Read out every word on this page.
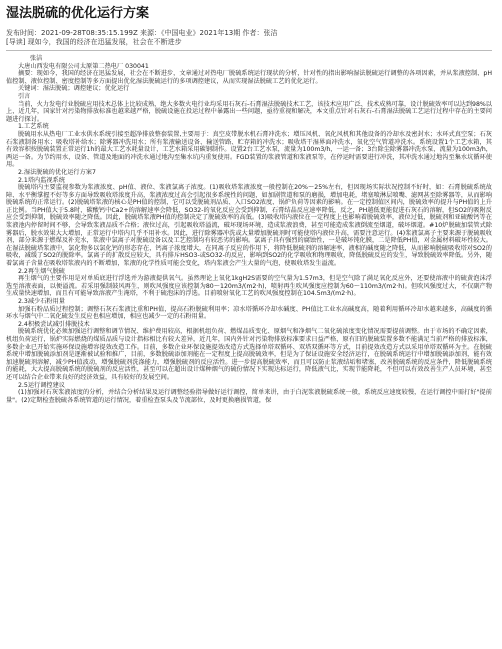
湿法脱硫的优化运行方案
发布时间：2021-09-28T08:35:15.199Z 来源：《中国电业》2021年13期 作者：张洁
[导读] 现如今，我国的经济在迅猛发展，社会在不断进步

张洁

大唐山西发电有限公司太原第二热电厂 030041

摘要：现如今，我国的经济在迅猛发展，社会在不断进步，文章通过对热电厂脱硫系统运行现状的分析，针对性的指出影响湿法脱硫运行调整的各项因素，并从浆液控制、pH值控制、液位控制、密度控制等多方面提出优化湿法脱硫运行的多项调控建议，从而实现湿法脱硫工艺的优化运行。

关键词：湿法脱硫；调控建议；优化运行

引言

当前，火力发电行业脱硫应用技术总体上比较成熟，绝大多数火电行业均采用石灰石-石膏湿法脱硫技术工艺，该技术应用广泛、技术成熟可靠，设计脱硫效率可以达到98%以上，近几年，国家针对污染物排放标准也越来越严格，脱硫设施在投运过程中暴露出一些问题，亟待重视和解决，本文重点针对石灰石-石膏湿法脱硫工艺运行过程中存在的主要问题进行探讨。

1.工艺系统

脱硫用水从热电厂工业水供水系统引接至超净排放整套装置,主要用于：真空皮带脱水机石膏冲洗水；增压风机、氧化风机和其他设备的冷却水及密封水；水环式真空泵；石灰石浆液制备用水；吸收塔补给水；除雾器冲洗用水；所有浆液输送设备、输送管路、贮存箱的冲洗水；吸收塔干湿界面冲洗水，氧化空气管道冲洗水。系统设置1个工艺水箱，其有效容积按脱硫装置正常运行1h的最大工艺水耗量设计，工艺水箱采用碳钢制作。设置2台工艺水泵，流量为100m3/h，一运一备；3台除尘除雾器冲洗水泵，流量为100m3/h，两运一备。为节约用水，设备、管道及地面的冲洗水通过地沟至集水坑内重复使用。FGD装置的浆液管道和浆液泵等，在停运时需要进行冲洗，其冲洗水通过地沟至集水坑循环使用。

2.湿法脱硫的优化运行方案7

2.1塔内监视系统

脱硫塔内主要监视参数为浆液浓度、pH值、液位、浆液氯离子浓度。(1)吸收塔浆液浓度一般控制在20%～25%左右，但因现场实际状况控制不好时，如：石膏脱硫系统故障、水平衡掌握不好等多方面导致吸收塔浓度升高，浆液浓度过高会引起很多系统性的问题，如加剧管道和泵的磨损，增加电耗，堵塞喷淋层喷嘴、滤网甚至除雾器等，从而影响脱硫系统的正常运行。(2)脱硫塔浆液的核心是PH值的控制，它可以受脱硫剂品质、入口SO2浓度、锅炉负荷等因素的影响。在一定控制值区间内，脱硫效率的提升与PH值的上升正比例。当PH值大于5.8时，碳酸钙中Ca2+的溶解速率会降低，SO32-的氧化反应会受到抑制，石膏结晶反应速率降低，反之，PH越低更能促进石灰石的溶解，但SO2的吸附反应会受到抑制，脱硫效率随之降低。因此，脱硫塔浆液PH值的控制决定了脱硫效率的高低。(3)吸收塔内液位在一定程度上也影响着脱硫效率，液位过低，脱硫剂和亚硫酸钙等在浆液池内停留时间不够，会导致浆液品质不合格；液位过高，引起吸收塔溢流，破坏现场环境，造成浆液浪费，甚至可能造成浆液倒流至烟道，破坏烟道。#10炉脱硫加装管式除雾器后，脱水效果大大增加，正常运行中塔内几乎不用补水。因此，进行除雾器冲洗或大量增加脱硫剂时可能使塔内液位升高，需要注意运行。(4)浆液氯离子主要来源于脱硫吸收剂，部分来源于燃煤及补充水，浆液中氯离子对脱硫设备以及工艺控制均有较恶劣的影响。氯离子具有强烈的腐蚀性，一是破坏钝化膜，二是降低PH值，对金属材料破坏性较大。在湿法脱硫塔浆液中，氯化物多以氯化钙的形态存在，钙离子浓度增大，在同离子反应的作用下，将降低脱硫剂的溶解速率，液相的碱度随之降低，从而影响脱硫吸收塔对SO2的吸收，减缓了SO2的脱除率。氯离子的扩散反应较大，具有排斥HSO3-或SO32-的反应，影响到SO2的化学吸收和物理吸收，降低脱硫反应的发生，导致脱硫效率降低。另外，随着氯离子含量在吸收塔浆液内的不断增加，浆液的化学性质可能会变化，塔内浆液会产生大量的气泡，使吸收塔发生溢流。

2.2再生烟气脱硫

再生烟气的主要作用是对单质底进行浮选并为游液提供氧气。虽然理论上氧化1kgH2S需要的空气量为1.57m3，但是空气除了满足氧化反应外，还要使溶液中的硫黄泡沫浮选至溶液表面，以便溢流。若采用强制鼓风再生，则吹风强度应该控制为80～120m3/(m2·h)，喷射再生吹风强度应控制为60～110m3/(m2·h)。但吹风强度过大，不仅副产物生成量快速增加，而且有可能导致溶液产生淹塔，不利于硫泡沫的浮选。目前喷射氧化工艺的吹风强度控制在104.5m3/(m2·h)。

2.3减少石粉用量

加强石粉品质过程控制；调整石灰石浆液比重和PH值，提高石粉脱硫利用率；凉水塔循环冷却水碱度、PH值比工业水高碱度高，随着利用循环冷却水越来越多，高碱度的循环水与烟气中二氧化硫发生反应也相应增加，相应也减少一定的石粉用量。

2.4积极尝试减引排脱技术

脱硫系统优化必须加强运行调整和调节情况、维护费用较高，根据机组负荷、燃煤品质变化、原烟气和净烟气二氧化硫浓度变化情况需要提前调整。由于市场的不确定因素，机组负荷运行，锅炉实际燃烧的煤质品质与设计指标相比有较大差异，近几年，国内外针对污染物排放标准要求日益严格，原有旧的脱硫装置多数不能满足当前严格的排放标准，多数企业已开始实施环保设施增容提效改造工作。目前，多数企业环保设施提效改造方式选择单塔双循环、双塔双循环等方式，目前提效改造方式以采用单塔双循环为主。在脱硫系统中增加脱硫添加剂是逐渐被试验和推广，目前，多数脱硫添加剂能在一定程度上提高脱硫效率，但是为了保证设施安全经济运行，在脱硫系统运行中增加脱硫添加剂，能有效加速脱硫剂溶解，减少PH值波动，增强脱硫剂洗涤能力，增强脱硫剂的反应活性。进一步提高脱硫效率，而且可以防止浆液结垢和堵塞，改善脱硫系统的反应条件，降低脱硫系统的能耗，大大提高脱硫系统的脱硫剂的反应活性，甚至可以在超出设计煤种烟气的硫份情况下实现达标运行，降低液气比，实现节能降耗，不但可以有效改善生产人员环境，甚至还可以结合企业带来良好的经济效益，具有较好的发展空间。

2.5运行调控建议

(1)加强对石灰浆液浓度的分析，并结合分析结果及运行调整经验指导做好运行调控，简单来讲，由于白泥浆液脱硫系统一般，系统反应速度较慢，在运行调控中需打好"提前量"。(2)定期检查脱硫各系统管道的运行情况，着重检查泵头及节流部位，及时更换磨损管道，保
